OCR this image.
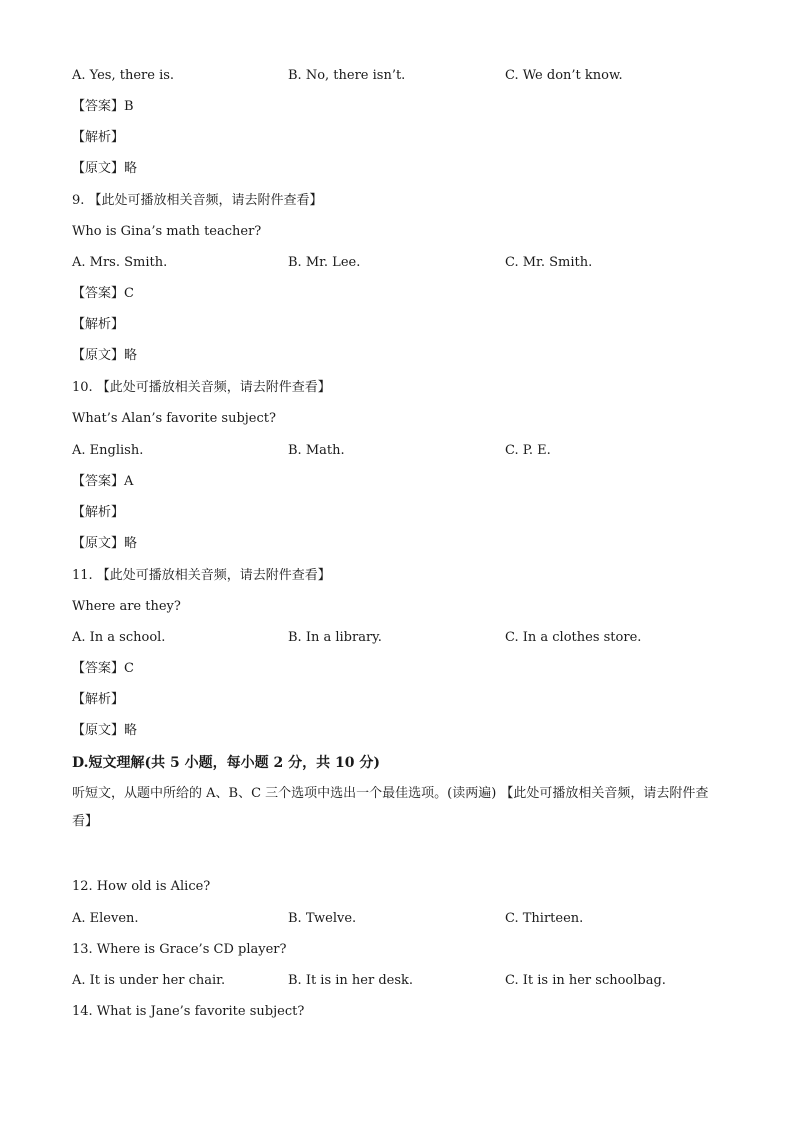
A. Yes, there is.	B. No, there isn’t.	C. We don’t know.
【答案】B
【解析】
【原文】略
9. 【此处可播放相关音频，请去附件查看】
Who is Gina’s math teacher?
A. Mrs. Smith.	B. Mr. Lee.	C. Mr. Smith.
【答案】C
【解析】
【原文】略
10. 【此处可播放相关音频，请去附件查看】
What’s Alan’s favorite subject?
A. English.	B. Math.	C. P. E.
【答案】A
【解析】
【原文】略
11. 【此处可播放相关音频，请去附件查看】
Where are they?
A. In a school.	B. In a library.	C. In a clothes store.
【答案】C
【解析】
【原文】略
D.短文理解(共 5 小题，每小题 2 分，共 10 分)
听短文，从题中所给的 A、B、C 三个选项中选出一个最佳选项。(读两遍) 【此处可播放相关音频，请去附件查看】
12. How old is Alice?
A. Eleven.	B. Twelve.	C. Thirteen.
13. Where is Grace’s CD player?
A. It is under her chair.	B. It is in her desk.	C. It is in her schoolbag.
14. What is Jane’s favorite subject?
